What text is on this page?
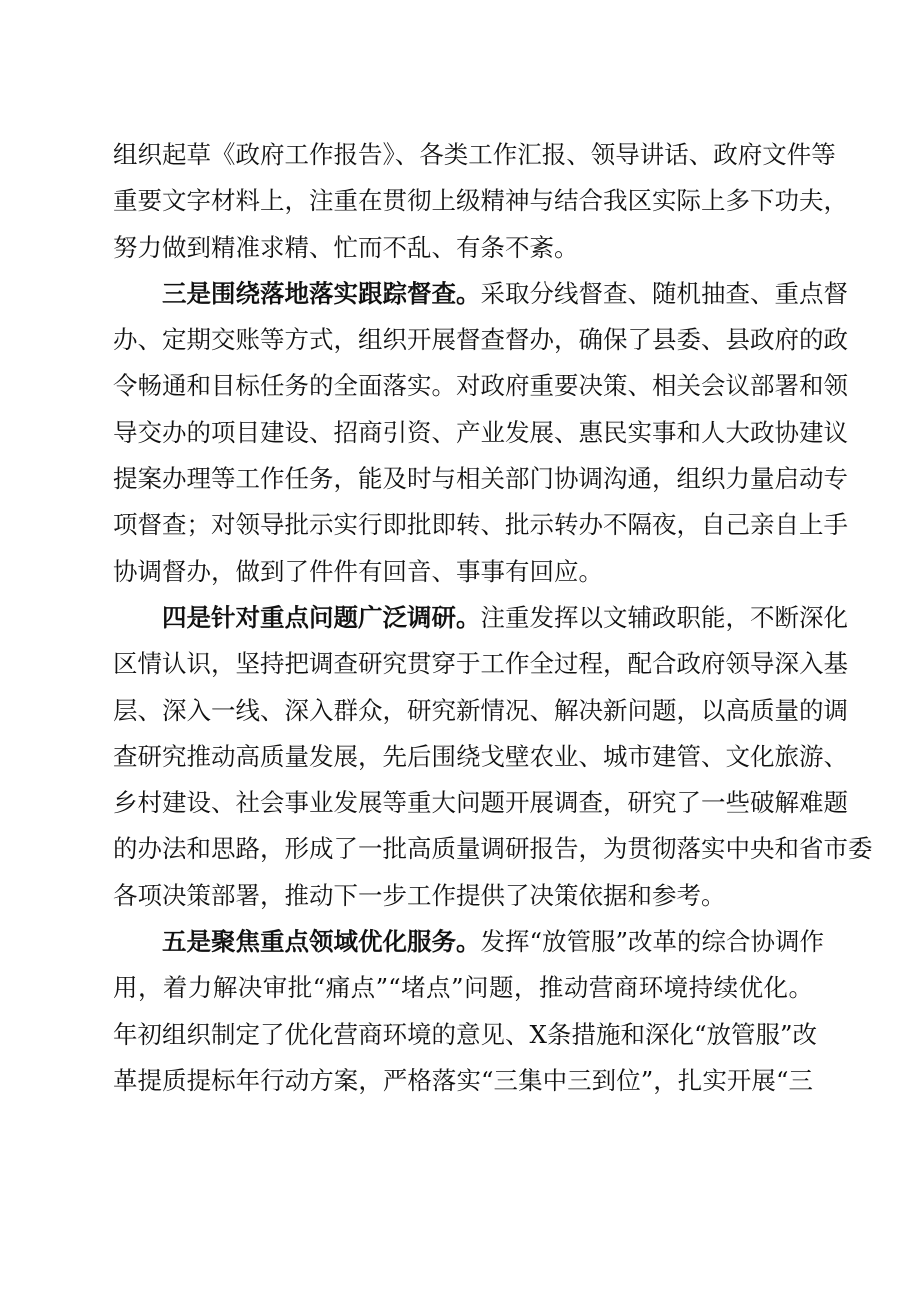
组织起草《政府工作报告》、各类工作汇报、领导讲话、政府文件等
重要文字材料上，注重在贯彻上级精神与结合我区实际上多下功夫，
努力做到精准求精、忙而不乱、有条不紊。
三是围绕落地落实跟踪督查。采取分线督查、随机抽查、重点督
办、定期交账等方式，组织开展督查督办，确保了县委、县政府的政
令畅通和目标任务的全面落实。对政府重要决策、相关会议部署和领
导交办的项目建设、招商引资、产业发展、惠民实事和人大政协建议
提案办理等工作任务，能及时与相关部门协调沟通，组织力量启动专
项督查；对领导批示实行即批即转、批示转办不隔夜，自己亲自上手
协调督办，做到了件件有回音、事事有回应。
四是针对重点问题广泛调研。注重发挥以文辅政职能，不断深化
区情认识，坚持把调查研究贯穿于工作全过程，配合政府领导深入基
层、深入一线、深入群众，研究新情况、解决新问题，以高质量的调
查研究推动高质量发展，先后围绕戈壁农业、城市建管、文化旅游、
乡村建设、社会事业发展等重大问题开展调查，研究了一些破解难题
的办法和思路，形成了一批高质量调研报告，为贯彻落实中央和省市委
各项决策部署，推动下一步工作提供了决策依据和参考。
五是聚焦重点领域优化服务。发挥“放管服”改革的综合协调作
用，着力解决审批“痛点”“堵点”问题，推动营商环境持续优化。
年初组织制定了优化营商环境的意见、X条措施和深化“放管服”改
革提质提标年行动方案，严格落实“三集中三到位”，扎实开展“三
